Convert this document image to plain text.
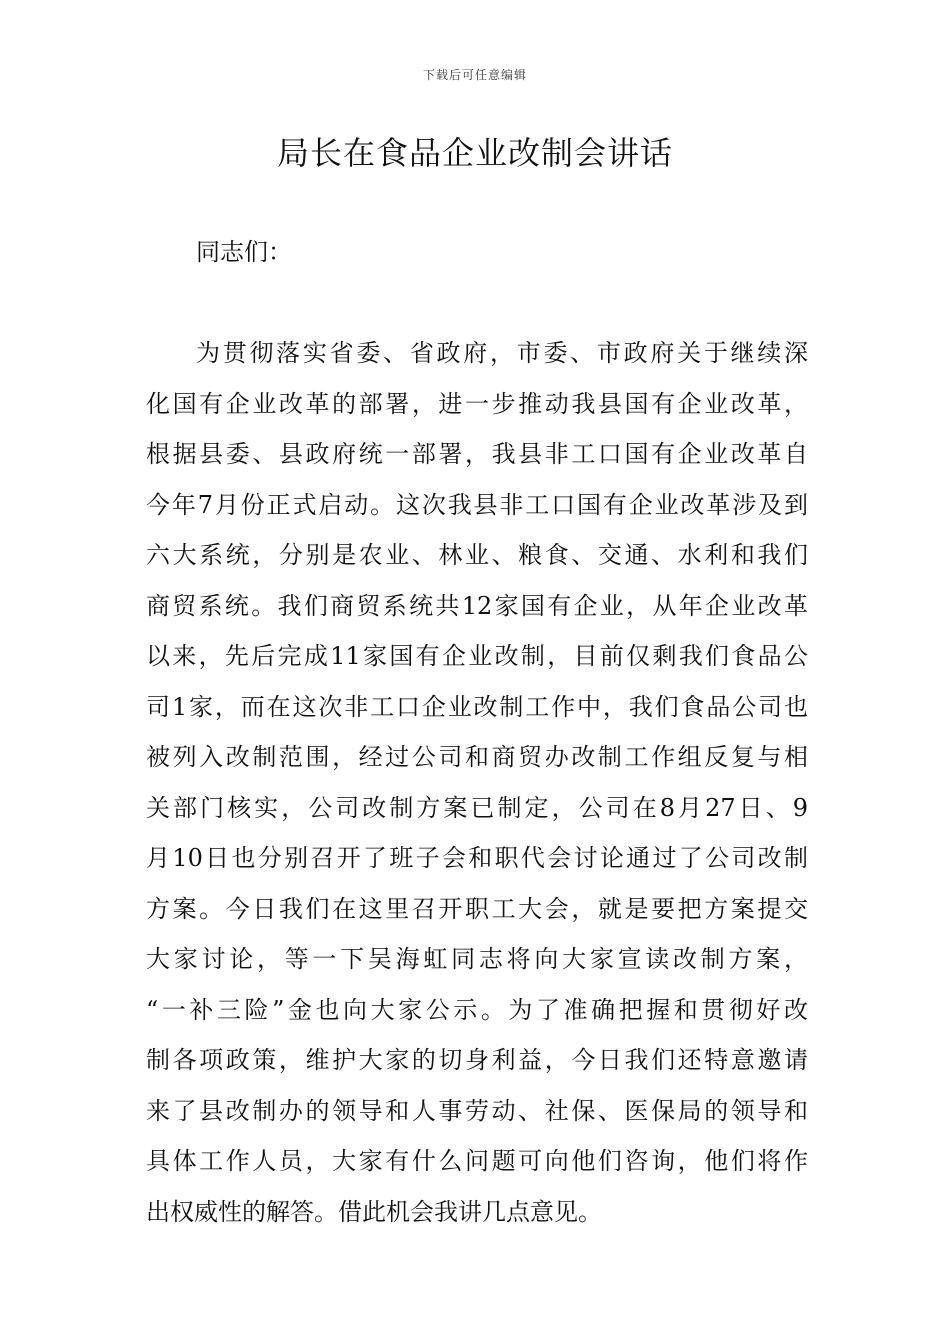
下载后可任意编辑
局长在食品企业改制会讲话

同志们：

为贯彻落实省委、省政府，市委、市政府关于继续深
化国有企业改革的部署，进一步推动我县国有企业改革，
根据县委、县政府统一部署，我县非工口国有企业改革自
今年7月份正式启动。这次我县非工口国有企业改革涉及到
六大系统，分别是农业、林业、粮食、交通、水利和我们
商贸系统。我们商贸系统共12家国有企业，从年企业改革
以来，先后完成11家国有企业改制，目前仅剩我们食品公
司1家，而在这次非工口企业改制工作中，我们食品公司也
被列入改制范围，经过公司和商贸办改制工作组反复与相
关部门核实，公司改制方案已制定，公司在8月27日、9
月10日也分别召开了班子会和职代会讨论通过了公司改制
方案。今日我们在这里召开职工大会，就是要把方案提交
大家讨论，等一下吴海虹同志将向大家宣读改制方案，
“一补三险”金也向大家公示。为了准确把握和贯彻好改
制各项政策，维护大家的切身利益，今日我们还特意邀请
来了县改制办的领导和人事劳动、社保、医保局的领导和
具体工作人员，大家有什么问题可向他们咨询，他们将作
出权威性的解答。借此机会我讲几点意见。
